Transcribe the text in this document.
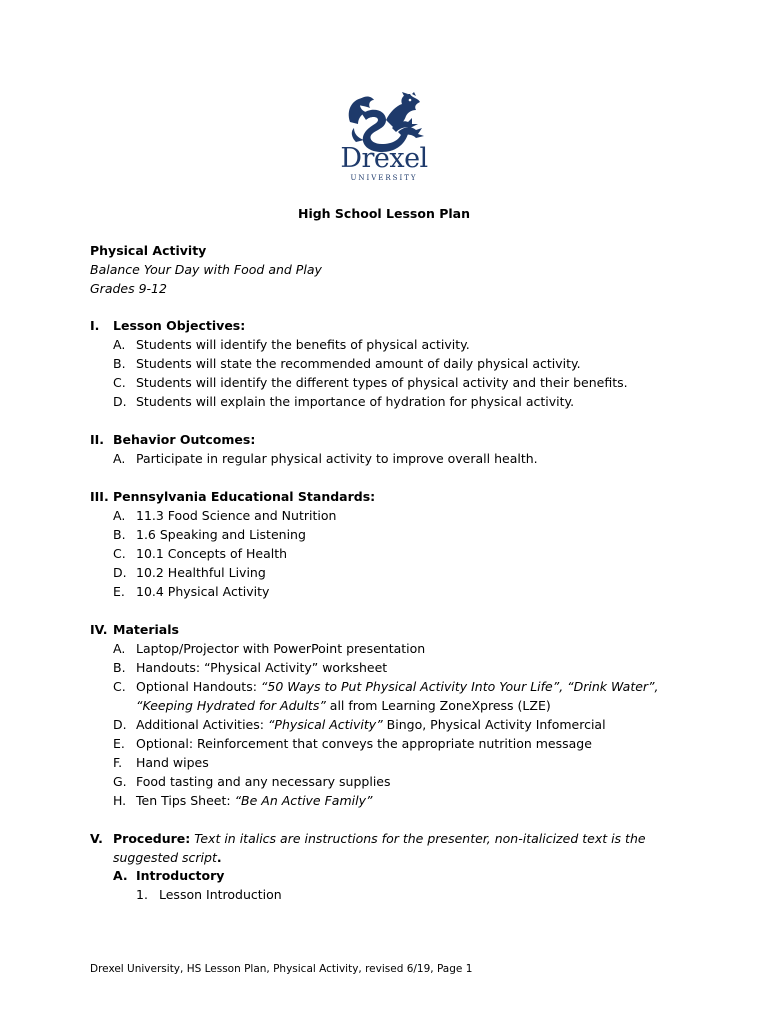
Drexel
UNIVERSITY
High School Lesson Plan
Physical Activity
Balance Your Day with Food and Play
Grades 9-12
I.	Lesson Objectives:
A. Students will identify the benefits of physical activity.
B. Students will state the recommended amount of daily physical activity.
C. Students will identify the different types of physical activity and their benefits.
D. Students will explain the importance of hydration for physical activity.
II. Behavior Outcomes:
A. Participate in regular physical activity to improve overall health.
III. Pennsylvania Educational Standards:
A. 11.3 Food Science and Nutrition
B. 1.6 Speaking and Listening
C. 10.1 Concepts of Health
D. 10.2 Healthful Living
E. 10.4 Physical Activity
IV. Materials
A. Laptop/Projector with PowerPoint presentation
B. Handouts: “Physical Activity” worksheet
C. Optional Handouts: “50 Ways to Put Physical Activity Into Your Life”, “Drink Water”,
“Keeping Hydrated for Adults” all from Learning ZoneXpress (LZE)
D. Additional Activities: “Physical Activity” Bingo, Physical Activity Infomercial
E. Optional: Reinforcement that conveys the appropriate nutrition message
F.	Hand wipes
G. Food tasting and any necessary supplies
H. Ten Tips Sheet: “Be An Active Family”
V. Procedure: Text in italics are instructions for the presenter, non-italicized text is the
suggested script.
A. Introductory
1. Lesson Introduction
Drexel University, HS Lesson Plan, Physical Activity, revised 6/19, Page 1
